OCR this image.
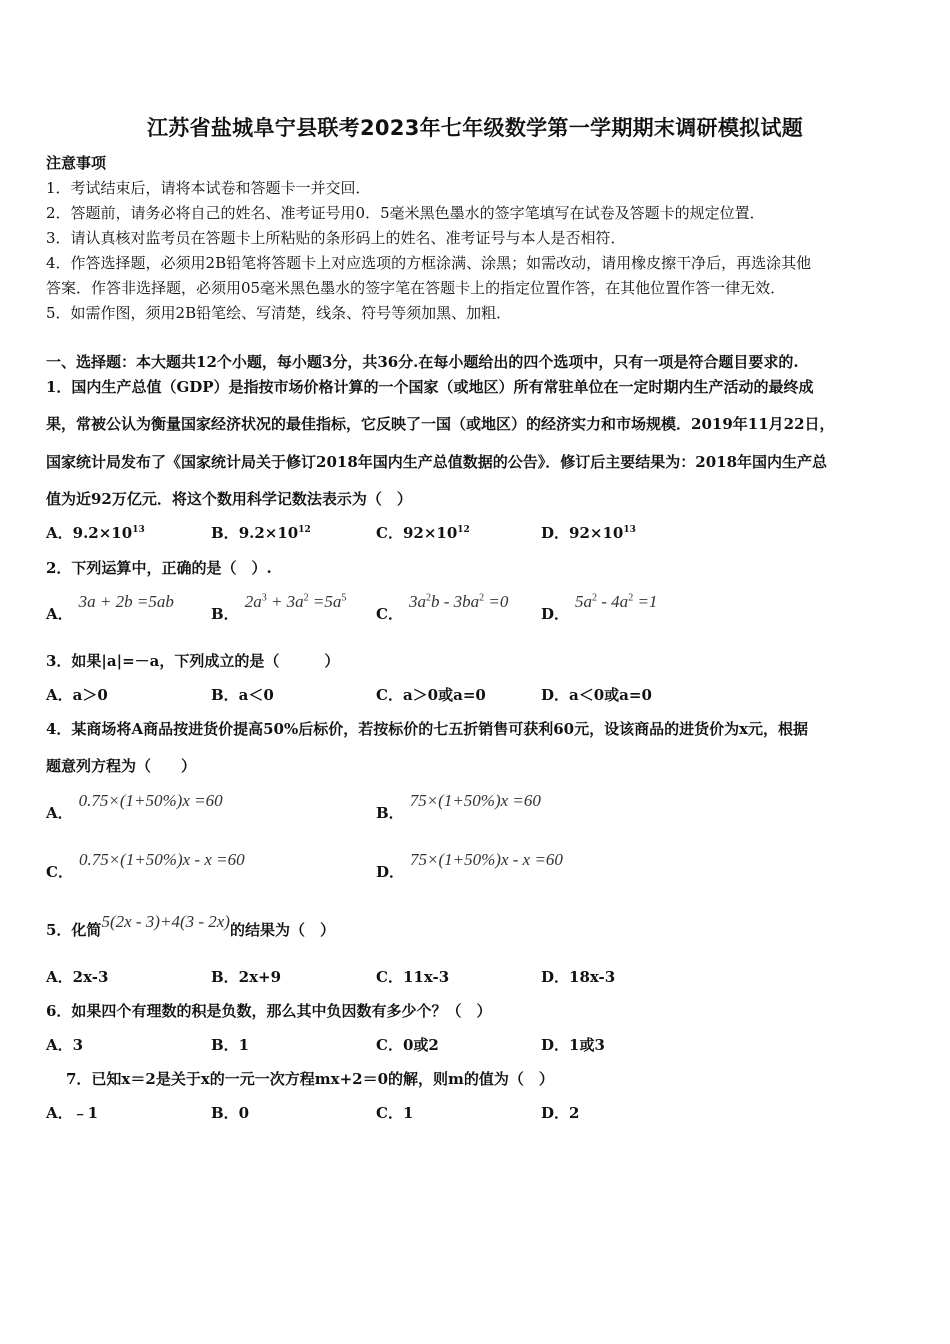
江苏省盐城阜宁县联考2023年七年级数学第一学期期末调研模拟试题
注意事项
1．考试结束后，请将本试卷和答题卡一并交回．
2．答题前，请务必将自己的姓名、准考证号用0．5毫米黑色墨水的签字笔填写在试卷及答题卡的规定位置．
3．请认真核对监考员在答题卡上所粘贴的条形码上的姓名、准考证号与本人是否相符．
4．作答选择题，必须用2B铅笔将答题卡上对应选项的方框涂满、涂黑；如需改动，请用橡皮擦干净后，再选涂其他
答案．作答非选择题，必须用05毫米黑色墨水的签字笔在答题卡上的指定位置作答，在其他位置作答一律无效．
5．如需作图，须用2B铅笔绘、写清楚，线条、符号等须加黑、加粗．
一、选择题：本大题共12个小题，每小题3分，共36分.在每小题给出的四个选项中，只有一项是符合题目要求的.
1．国内生产总值（GDP）是指按市场价格计算的一个国家（或地区）所有常驻单位在一定时期内生产活动的最终成
果，常被公认为衡量国家经济状况的最佳指标，它反映了一国（或地区）的经济实力和市场规模．2019年11月22日，
国家统计局发布了《国家统计局关于修订2018年国内生产总值数据的公告》．修订后主要结果为：2018年国内生产总
值为近92万亿元．将这个数用科学记数法表示为（　）
A．$9.2\times 10^{13}$	B．$9.2\times 10^{12}$	C．$92\times 10^{12}$	D．$92\times 10^{13}$
2．下列运算中，正确的是（　）.
A．3a + 2b =5ab
B．$2a^3 + 3a^2 =5a^5$
C．$3a^2b - 3ba^2 =0$
D．$5a^2 - 4a^2 =1$
3．如果|a|=－a，下列成立的是（　　　）
A．a＞0	B．a＜0	C．a＞0或a=0	D．a＜0或a=0
4．某商场将A商品按进货价提高50%后标价，若按标价的七五折销售可获利60元，设该商品的进货价为x元，根据
题意列方程为（　　）
A．0.75×(1+50%)x =60
B．75×(1+50%)x =60
C．0.75×(1+50%)x - x =60
D．75×(1+50%)x - x =60
5．化简5(2x - 3)+4(3 - 2x)的结果为（　）
A．2x-3	B．2x+9	C．11x-3	D．18x-3
6．如果四个有理数的积是负数，那么其中负因数有多少个？（　）
A．3	B．1	C．0或2	D．1或3
7．已知x＝2是关于x的一元一次方程mx+2＝0的解，则m的值为（　）
A．﹣1	B．0	C．1	D．2
